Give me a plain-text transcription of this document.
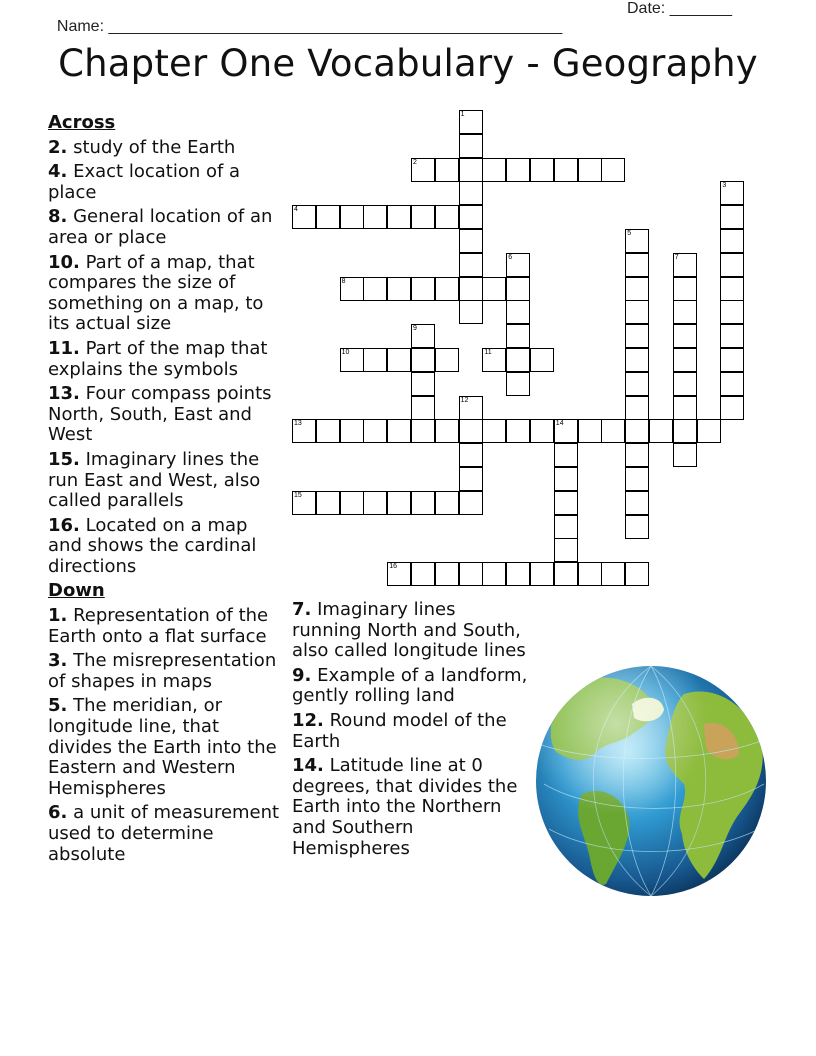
Name: ___________________________________________________

Date: _______

Chapter One Vocabulary - Geography
1
2
3
4
5
6	7
8
9
10	11
12
13	14
15
16
Across
2. study of the Earth
4. Exact location of a place
8. General location of an area or place
10. Part of a map, that compares the size of something on a map, to its actual size
11. Part of the map that explains the symbols
13. Four compass points North, South, East and West
15. Imaginary lines the run East and West, also called parallels
16. Located on a map and shows the cardinal directions
Down
1. Representation of the Earth onto a flat surface
3. The misrepresentation of shapes in maps
5. The meridian, or longitude line, that divides the Earth into the Eastern and Western Hemispheres
6. a unit of measurement used to determine absolute
7. Imaginary lines running North and South, also called longitude lines
9. Example of a landform, gently rolling land
12. Round model of the Earth
14. Latitude line at 0 degrees, that divides the Earth into the Northern and Southern Hemispheres
